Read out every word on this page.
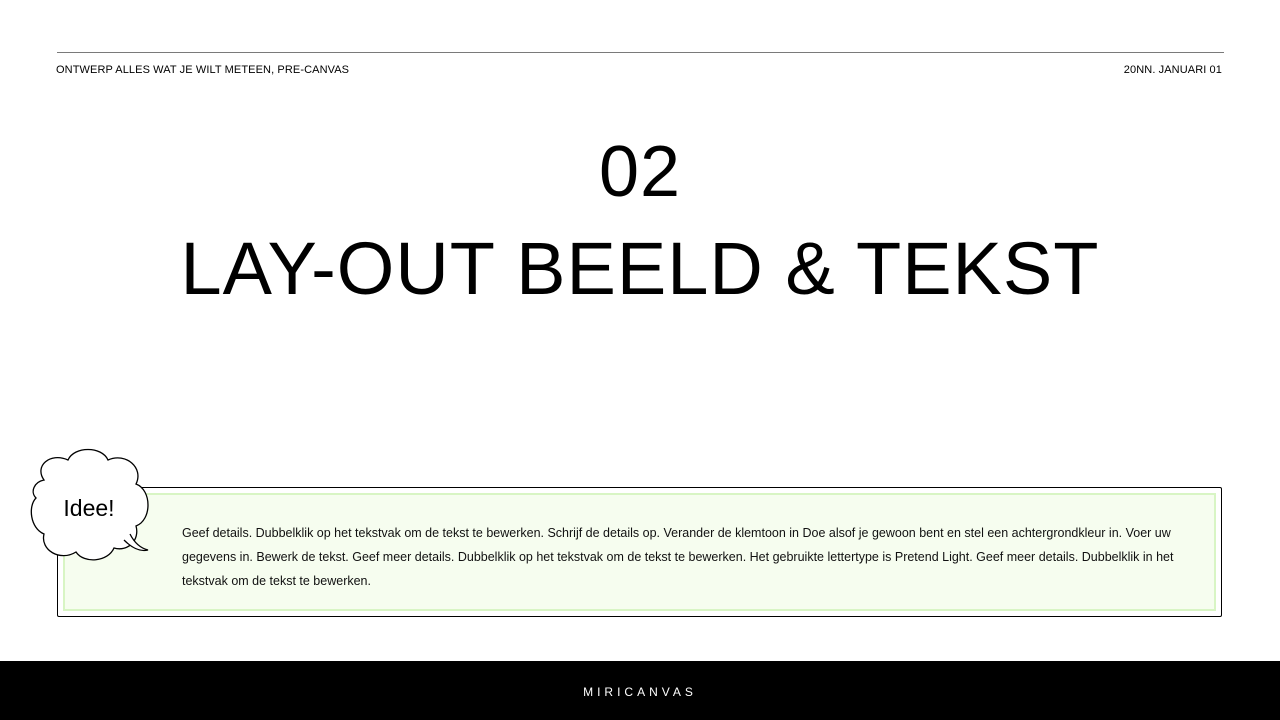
ONTWERP ALLES WAT JE WILT METEEN, PRE-CANVAS	20NN. JANUARI 01
02
LAY-OUT BEELD & TEKST
Geef details. Dubbelklik op het tekstvak om de tekst te bewerken. Schrijf de details op. Verander de klemtoon in Doe alsof je gewoon bent en stel een achtergrondkleur in. Voer uw gegevens in. Bewerk de tekst. Geef meer details. Dubbelklik op het tekstvak om de tekst te bewerken. Het gebruikte lettertype is Pretend Light. Geef meer details. Dubbelklik in het tekstvak om de tekst te bewerken.
Idee!
MIRICANVAS
